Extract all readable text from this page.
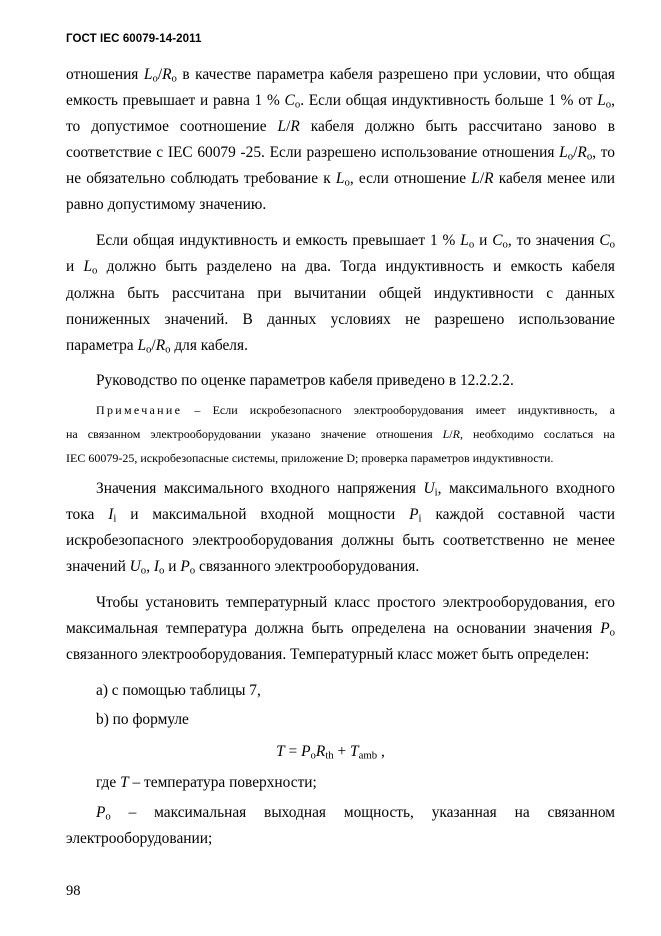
ГОСТ IEC 60079-14-2011

отношения $L_o/R_o$ в качестве параметра кабеля разрешено при условии, что общая

емкость превышает и равна 1 % $C_o$. Если общая индуктивность больше 1 % от $L_o$,

то допустимое соотношение L/R кабеля должно быть рассчитано заново в

соответствие с IEC 60079 -25. Если разрешено использование отношения $L_o/R_o$, то

не обязательно соблюдать требование к $L_o$, если отношение L/R кабеля менее или

равно допустимому значению.

Если общая индуктивность и емкость превышает 1 % $L_o$ и $C_o$, то значения $C_o$

и $L_o$ должно быть разделено на два. Тогда индуктивность и емкость кабеля

должна быть рассчитана при вычитании общей индуктивности с данных

пониженных значений. В данных условиях не разрешено использование

параметра $L_o/R_o$ для кабеля.

Руководство по оценке параметров кабеля приведено в 12.2.2.2.

Примечание – Если искробезопасного электрооборудования имеет индуктивность, а

на связанном электрооборудовании указано значение отношения L/R, необходимо сослаться на

IEC 60079-25, искробезопасные системы, приложение D; проверка параметров индуктивности.

Значения максимального входного напряжения $U_i$, максимального входного

тока $I_i$ и максимальной входной мощности $P_i$ каждой составной части

искробезопасного электрооборудования должны быть соответственно не менее

значений $U_o$, $I_o$ и $P_o$ связанного электрооборудования.

Чтобы установить температурный класс простого электрооборудования, его

максимальная температура должна быть определена на основании значения $P_o$

связанного электрооборудования. Температурный класс может быть определен:

а) с помощью таблицы 7,

b) по формуле

$T = P_oR_{th} + T_{amb}$ ,

где T – температура поверхности;

$P_o$ – максимальная выходная мощность, указанная на связанном

электрооборудовании;

98
